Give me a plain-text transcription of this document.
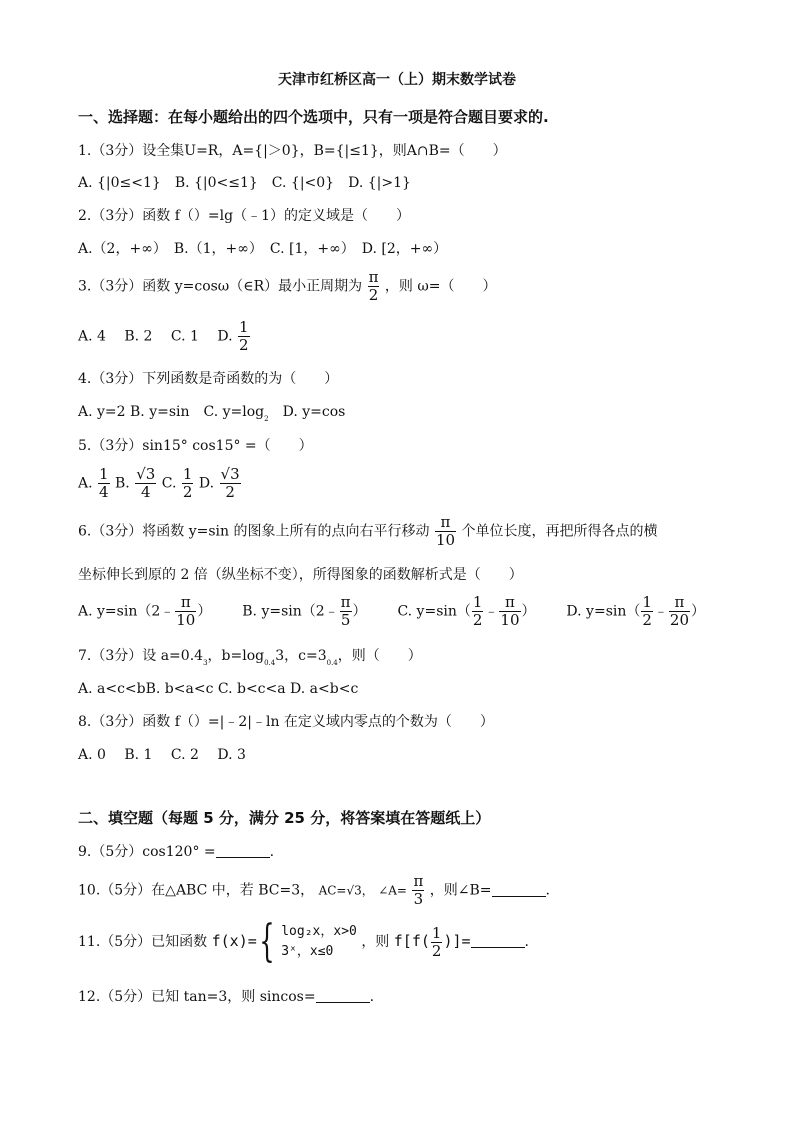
天津市红桥区高一（上）期末数学试卷
一、选择题：在每小题给出的四个选项中，只有一项是符合题目要求的.
1.（3分）设全集U=R，A={|＞0}，B={|≤1}，则A∩B=（　　）
A. {|0≤<1}　B. {|0<≤1}　C. {|<0}　D. {|>1}
2.（3分）函数 f（）=lg（﹣1）的定义域是（　　）
A.（2，+∞）　B.（1，+∞）　C. [1，+∞）　D. [2，+∞）
3.（3分）函数 y=cosω（∈R）最小正周期为 $\frac{\pi}{2}$ ，则 ω=（　　）
A. 4　 B. 2　 C. 1　 D. $\frac{1}{2}$
4.（3分）下列函数是奇函数的为（　　）
A. y=2 B. y=sin　C. $y=\log_2$　D. y=cos
5.（3分）sin15° cos15° =（　　）
A. $\frac{1}{4} B$. $\frac{√3}{4} C$. $\frac{1}{2} D$. $\frac{√3}{2}$
6.（3分）将函数 y=sin 的图象上所有的点向右平行移动 $\frac{\pi}{10}$ 个单位长度，再把所得各点的横
坐标伸长到原的 2 倍（纵坐标不变），所得图象的函数解析式是（　　）
A. y=sin（2﹣ $\frac{\pi}{10}$ ） B. y=sin（2﹣ $\frac{\pi}{5}$ ） C. $y=\sin( \frac{1}{2}$ ﹣ $\frac{\pi}{10}$ ） D. $y=\sin( \frac{1}{2}$ ﹣ $\frac{\pi}{20}$ ）
7.（3分）设 $a=0.4_3$，$b=\log_{0.4}3$，$c=3_{0.4}$，则（　　）
A. a<c<bB. b<a<c C. b<c<a D. a<b<c
8.（3分）函数 f（）=|﹣2|﹣ln 在定义域内零点的个数为（　　）
A. 0　 B. 1　 C. 2　 D. 3
二、填空题（每题 5 分，满分 25 分，将答案填在答题纸上）
9.（5分）cos120° =	.
10.（5分）在△ABC 中，若 BC=3， AC=√3， ∠A= $\frac{\pi}{3}$ ，则∠B=	.
11.（5分）已知函数 f(x)={ log₂x，x>0
3ˣ，x≤0
，则 $f[f( \frac{1}{2}$ )]=	.
12.（5分）已知 tan=3，则 sincos=	.
